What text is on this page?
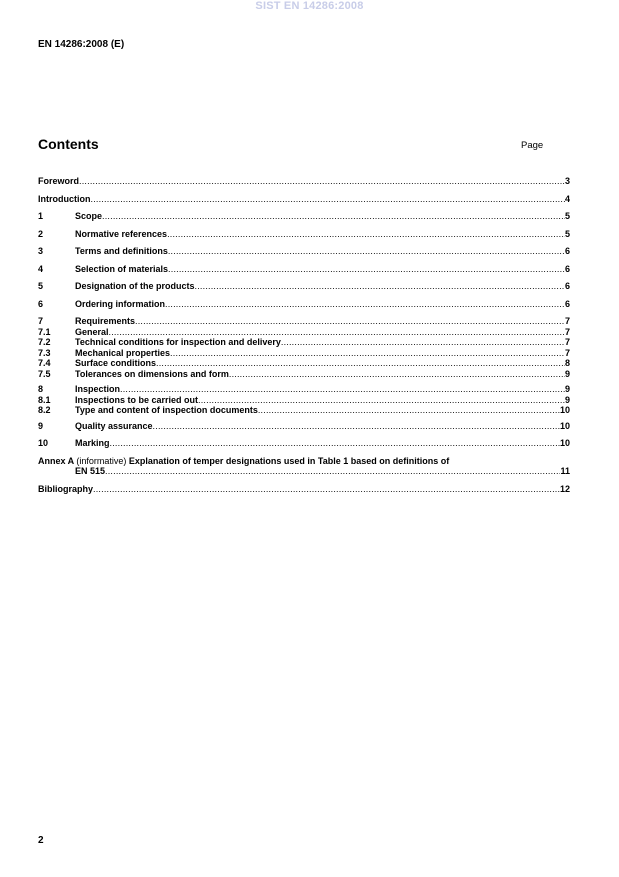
SIST EN 14286:2008
EN 14286:2008 (E)
Contents	Page
Foreword .....	3
Introduction .....	4
1	Scope .....	5
2	Normative references .....	5
3	Terms and definitions .....	6
4	Selection of materials .....	6
5	Designation of the products .....	6
6	Ordering information .....	6
7	Requirements .....	7
7.1	General .....	7
7.2	Technical conditions for inspection and delivery .....	7
7.3	Mechanical properties .....	7
7.4	Surface conditions .....	8
7.5	Tolerances on dimensions and form .....	9
8	Inspection .....	9
8.1	Inspections to be carried out .....	9
8.2	Type and content of inspection documents .....	10
9	Quality assurance .....	10
10	Marking .....	10
Annex A (informative) Explanation of temper designations used in Table 1 based on definitions of
EN 515 .....	11
Bibliography .....	12
2
